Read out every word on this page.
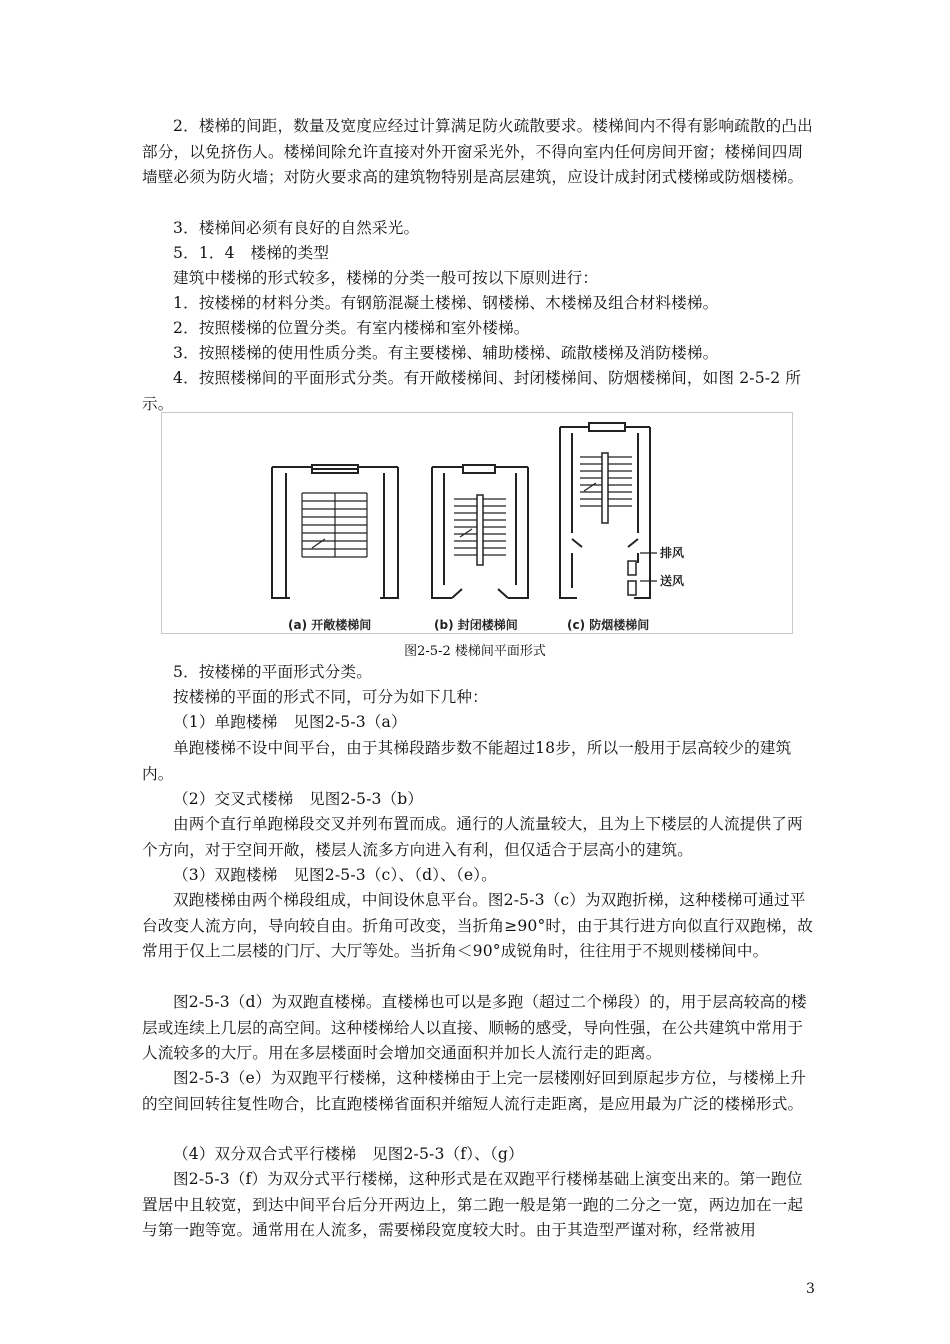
2．楼梯的间距，数量及宽度应经过计算满足防火疏散要求。楼梯间内不得有影响疏散的凸出部分，以免挤伤人。楼梯间除允许直接对外开窗采光外，不得向室内任何房间开窗；楼梯间四周墙壁必须为防火墙；对防火要求高的建筑物特别是高层建筑，应设计成封闭式楼梯或防烟楼梯。

3．楼梯间必须有良好的自然采光。

5．1．4　楼梯的类型

建筑中楼梯的形式较多，楼梯的分类一般可按以下原则进行：

1．按楼梯的材料分类。有钢筋混凝土楼梯、钢楼梯、木楼梯及组合材料楼梯。

2．按照楼梯的位置分类。有室内楼梯和室外楼梯。

3．按照楼梯的使用性质分类。有主要楼梯、辅助楼梯、疏散楼梯及消防楼梯。

4．按照楼梯间的平面形式分类。有开敞楼梯间、封闭楼梯间、防烟楼梯间，如图 2-5-2 所示。

(a) 开敞楼梯间	(b) 封闭楼梯间	(c) 防烟楼梯间
排风
送风
图2-5-2 楼梯间平面形式

5．按楼梯的平面形式分类。

按楼梯的平面的形式不同，可分为如下几种：

（1）单跑楼梯　见图2-5-3（a）

单跑楼梯不设中间平台，由于其梯段踏步数不能超过18步，所以一般用于层高较少的建筑内。

（2）交叉式楼梯　见图2-5-3（b）

由两个直行单跑梯段交叉并列布置而成。通行的人流量较大，且为上下楼层的人流提供了两个方向，对于空间开敞，楼层人流多方向进入有利，但仅适合于层高小的建筑。

（3）双跑楼梯　见图2-5-3（c）、（d）、（e）。

双跑楼梯由两个梯段组成，中间设休息平台。图2-5-3（c）为双跑折梯，这种楼梯可通过平台改变人流方向，导向较自由。折角可改变，当折角≥90°时，由于其行进方向似直行双跑梯，故常用于仅上二层楼的门厅、大厅等处。当折角＜90°成锐角时，往往用于不规则楼梯间中。

图2-5-3（d）为双跑直楼梯。直楼梯也可以是多跑（超过二个梯段）的，用于层高较高的楼层或连续上几层的高空间。这种楼梯给人以直接、顺畅的感受，导向性强，在公共建筑中常用于人流较多的大厅。用在多层楼面时会增加交通面积并加长人流行走的距离。

图2-5-3（e）为双跑平行楼梯，这种楼梯由于上完一层楼刚好回到原起步方位，与楼梯上升的空间回转往复性吻合，比直跑楼梯省面积并缩短人流行走距离，是应用最为广泛的楼梯形式。

（4）双分双合式平行楼梯　见图2-5-3（f）、（g）

图2-5-3（f）为双分式平行楼梯，这种形式是在双跑平行楼梯基础上演变出来的。第一跑位置居中且较宽，到达中间平台后分开两边上，第二跑一般是第一跑的二分之一宽，两边加在一起与第一跑等宽。通常用在人流多，需要梯段宽度较大时。由于其造型严谨对称，经常被用

3
